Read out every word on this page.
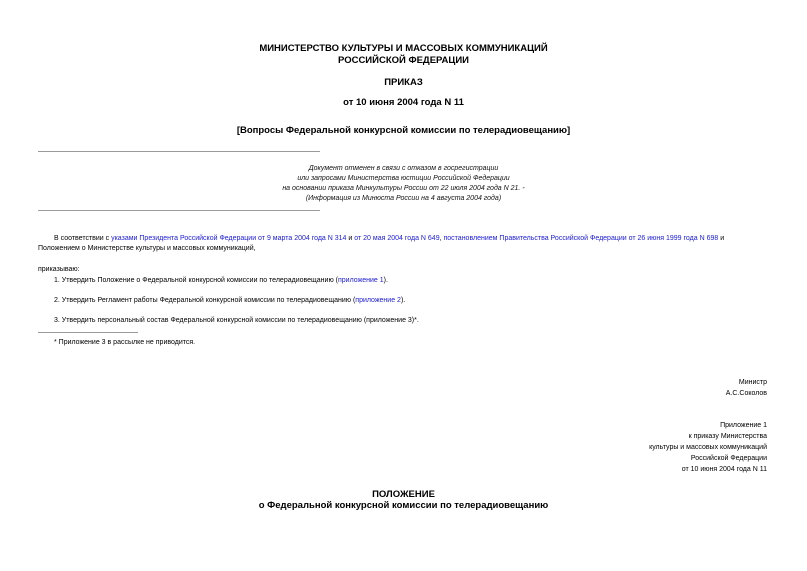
МИНИСТЕРСТВО КУЛЬТУРЫ И МАССОВЫХ КОММУНИКАЦИЙ
РОССИЙСКОЙ ФЕДЕРАЦИИ
ПРИКАЗ
от 10 июня 2004 года N 11
[Вопросы Федеральной конкурсной комиссии по телерадиовещанию]
Документ отменен в связи с отказом в госрегистрации
или запросами Министерства юстиции Российской Федерации
на основании приказа Минкультуры России от 22 июля 2004 года N 21. -
(Информация из Минюста России на 4 августа 2004 года)
В соответствии с указами Президента Российской Федерации от 9 марта 2004 года N 314 и от 20 мая 2004 года N 649, постановлением Правительства Российской Федерации от 26 июня 1999 года N 698 и
Положением о Министерстве культуры и массовых коммуникаций,
приказываю:
1. Утвердить Положение о Федеральной конкурсной комиссии по телерадиовещанию (приложение 1).
2. Утвердить Регламент работы Федеральной конкурсной комиссии по телерадиовещанию (приложение 2).
3. Утвердить персональный состав Федеральной конкурсной комиссии по телерадиовещанию (приложение 3)*.
* Приложение 3 в рассылке не приводится.
Министр
А.С.Соколов
Приложение 1
к приказу Министерства
культуры и массовых коммуникаций
Российской Федерации
от 10 июня 2004 года N 11
ПОЛОЖЕНИЕ
о Федеральной конкурсной комиссии по телерадиовещанию
